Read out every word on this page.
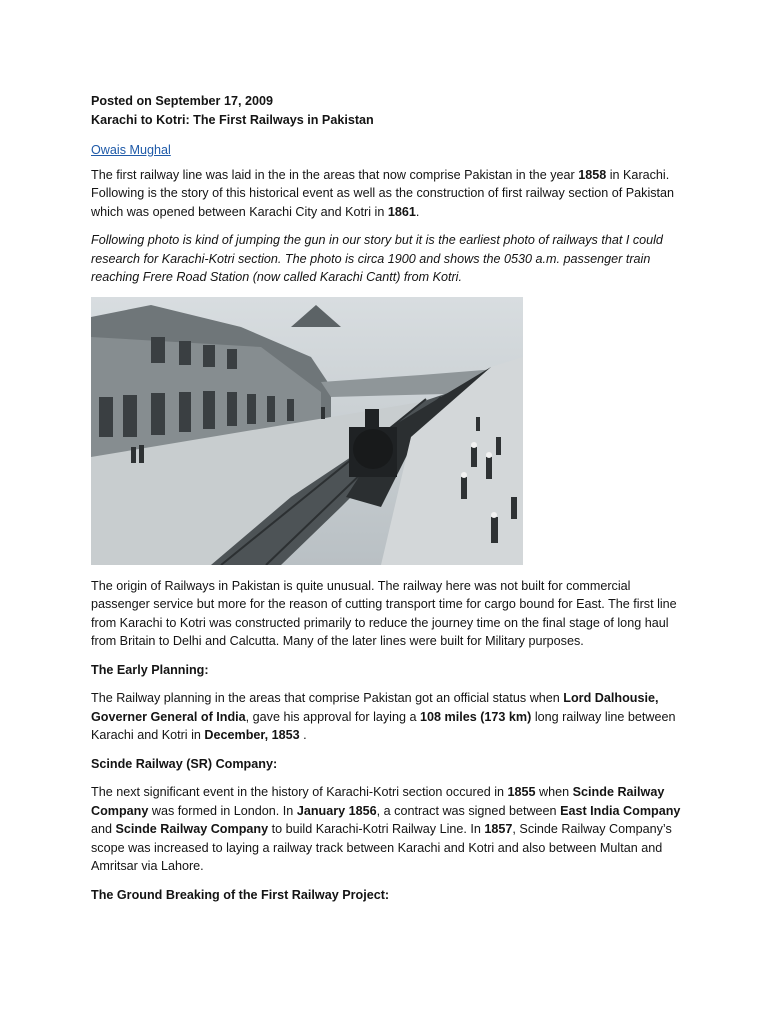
Posted on September 17, 2009

Karachi to Kotri: The First Railways in Pakistan

Owais Mughal

The first railway line was laid in the in the areas that now comprise Pakistan in the year 1858 in Karachi. Following is the story of this historical event as well as the construction of first railway section of Pakistan which was opened between Karachi City and Kotri in 1861.

Following photo is kind of jumping the gun in our story but it is the earliest photo of railways that I could research for Karachi-Kotri section. The photo is circa 1900 and shows the 0530 a.m. passenger train reaching Frere Road Station (now called Karachi Cantt) from Kotri.

The origin of Railways in Pakistan is quite unusual. The railway here was not built for commercial passenger service but more for the reason of cutting transport time for cargo bound for East. The first line from Karachi to Kotri was constructed primarily to reduce the journey time on the final stage of long haul from Britain to Delhi and Calcutta. Many of the later lines were built for Military purposes.

The Early Planning:

The Railway planning in the areas that comprise Pakistan got an official status when Lord Dalhousie, Governer General of India, gave his approval for laying a 108 miles (173 km) long railway line between Karachi and Kotri in December, 1853 .

Scinde Railway (SR) Company:

The next significant event in the history of Karachi-Kotri section occured in 1855 when Scinde Railway Company was formed in London. In January 1856, a contract was signed between East India Company and Scinde Railway Company to build Karachi-Kotri Railway Line. In 1857, Scinde Railway Company’s scope was increased to laying a railway track between Karachi and Kotri and also between Multan and Amritsar via Lahore.

The Ground Breaking of the First Railway Project:
